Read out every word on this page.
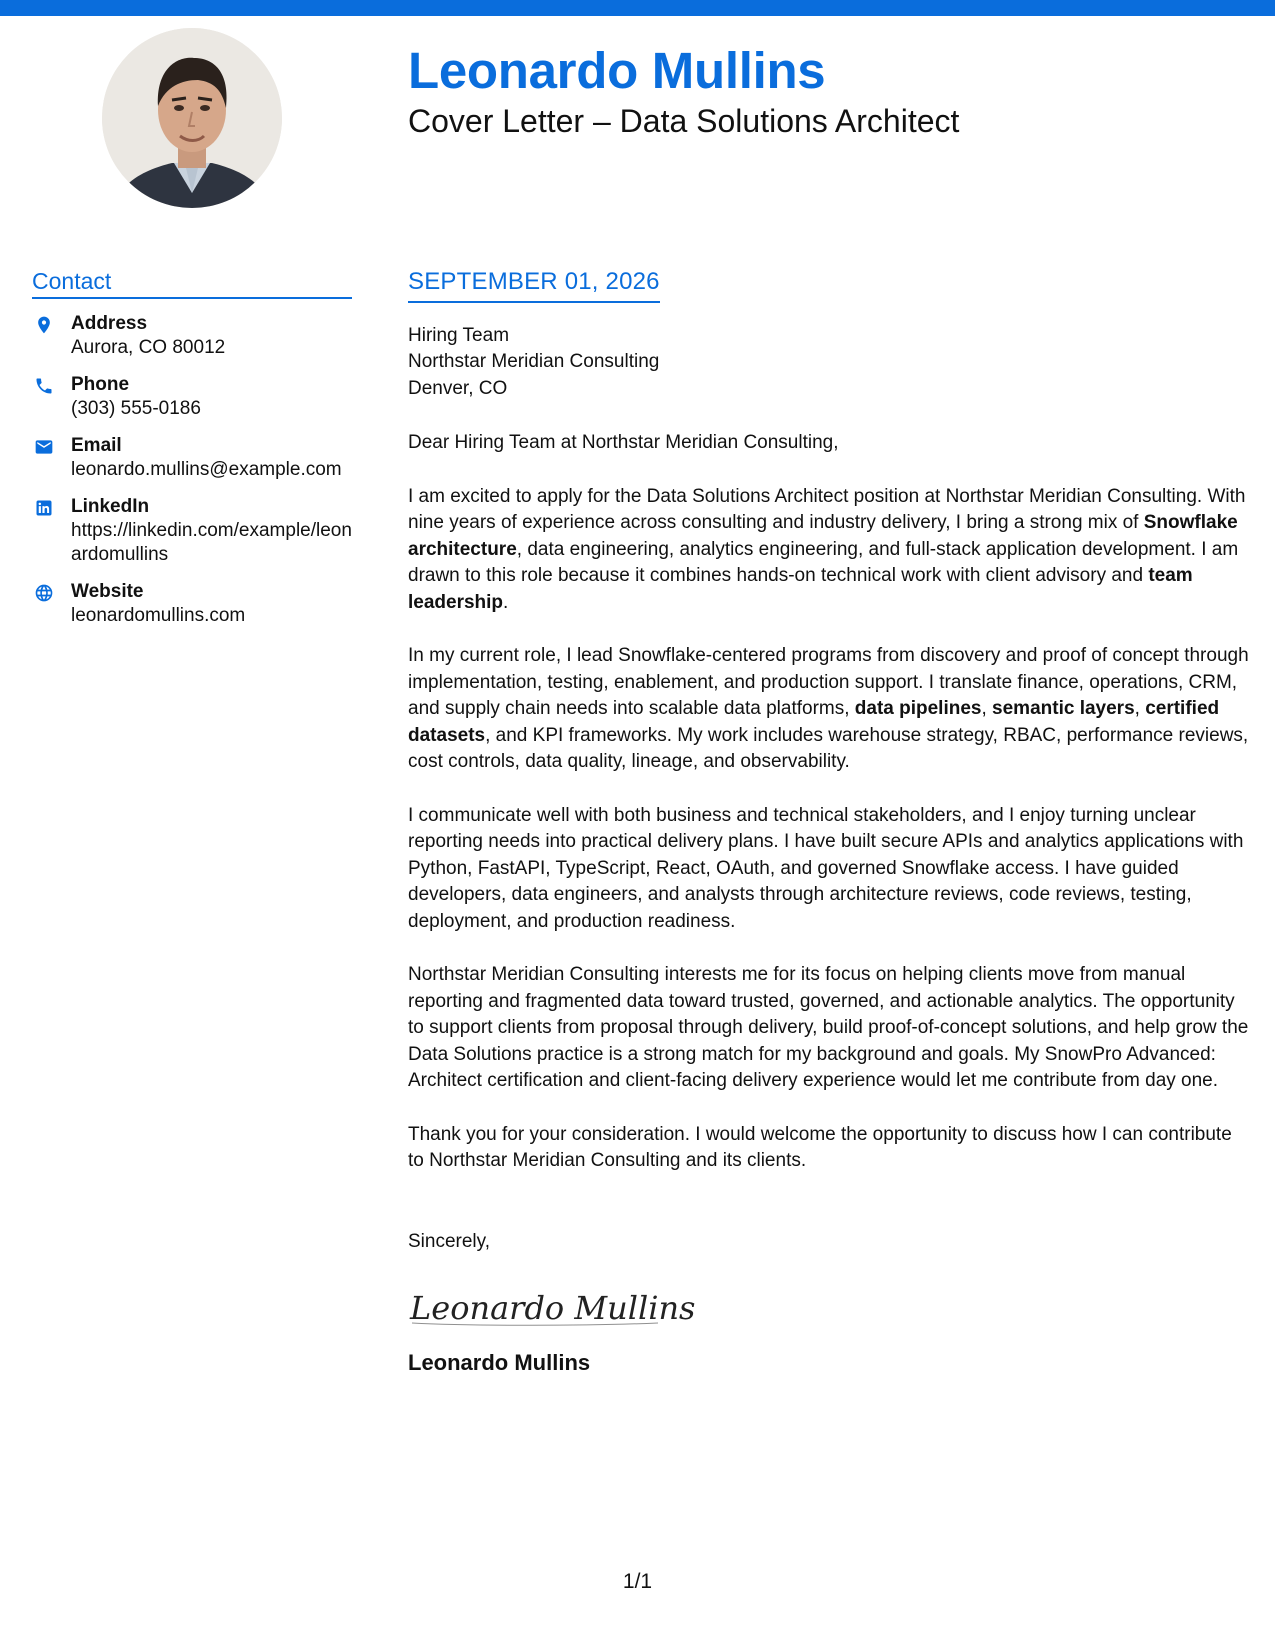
Leonardo Mullins
Cover Letter – Data Solutions Architect
Contact
Address
Aurora, CO 80012
Phone
(303) 555-0186
Email
leonardo.mullins@example.com
LinkedIn
https://linkedin.com/example/leonardomullins
Website
leonardomullins.com
SEPTEMBER 01, 2026
Hiring Team
Northstar Meridian Consulting
Denver, CO
Dear Hiring Team at Northstar Meridian Consulting,

I am excited to apply for the Data Solutions Architect position at Northstar Meridian Consulting. With nine years of experience across consulting and industry delivery, I bring a strong mix of Snowflake architecture, data engineering, analytics engineering, and full-stack application development. I am drawn to this role because it combines hands-on technical work with client advisory and team leadership.

In my current role, I lead Snowflake-centered programs from discovery and proof of concept through implementation, testing, enablement, and production support. I translate finance, operations, CRM, and supply chain needs into scalable data platforms, data pipelines, semantic layers, certified datasets, and KPI frameworks. My work includes warehouse strategy, RBAC, performance reviews, cost controls, data quality, lineage, and observability.

I communicate well with both business and technical stakeholders, and I enjoy turning unclear reporting needs into practical delivery plans. I have built secure APIs and analytics applications with Python, FastAPI, TypeScript, React, OAuth, and governed Snowflake access. I have guided developers, data engineers, and analysts through architecture reviews, code reviews, testing, deployment, and production readiness.

Northstar Meridian Consulting interests me for its focus on helping clients move from manual reporting and fragmented data toward trusted, governed, and actionable analytics. The opportunity to support clients from proposal through delivery, build proof-of-concept solutions, and help grow the Data Solutions practice is a strong match for my background and goals. My SnowPro Advanced: Architect certification and client-facing delivery experience would let me contribute from day one.

Thank you for your consideration. I would welcome the opportunity to discuss how I can contribute to Northstar Meridian Consulting and its clients.

Sincerely,
Leonardo Mullins
Leonardo Mullins
1/1
